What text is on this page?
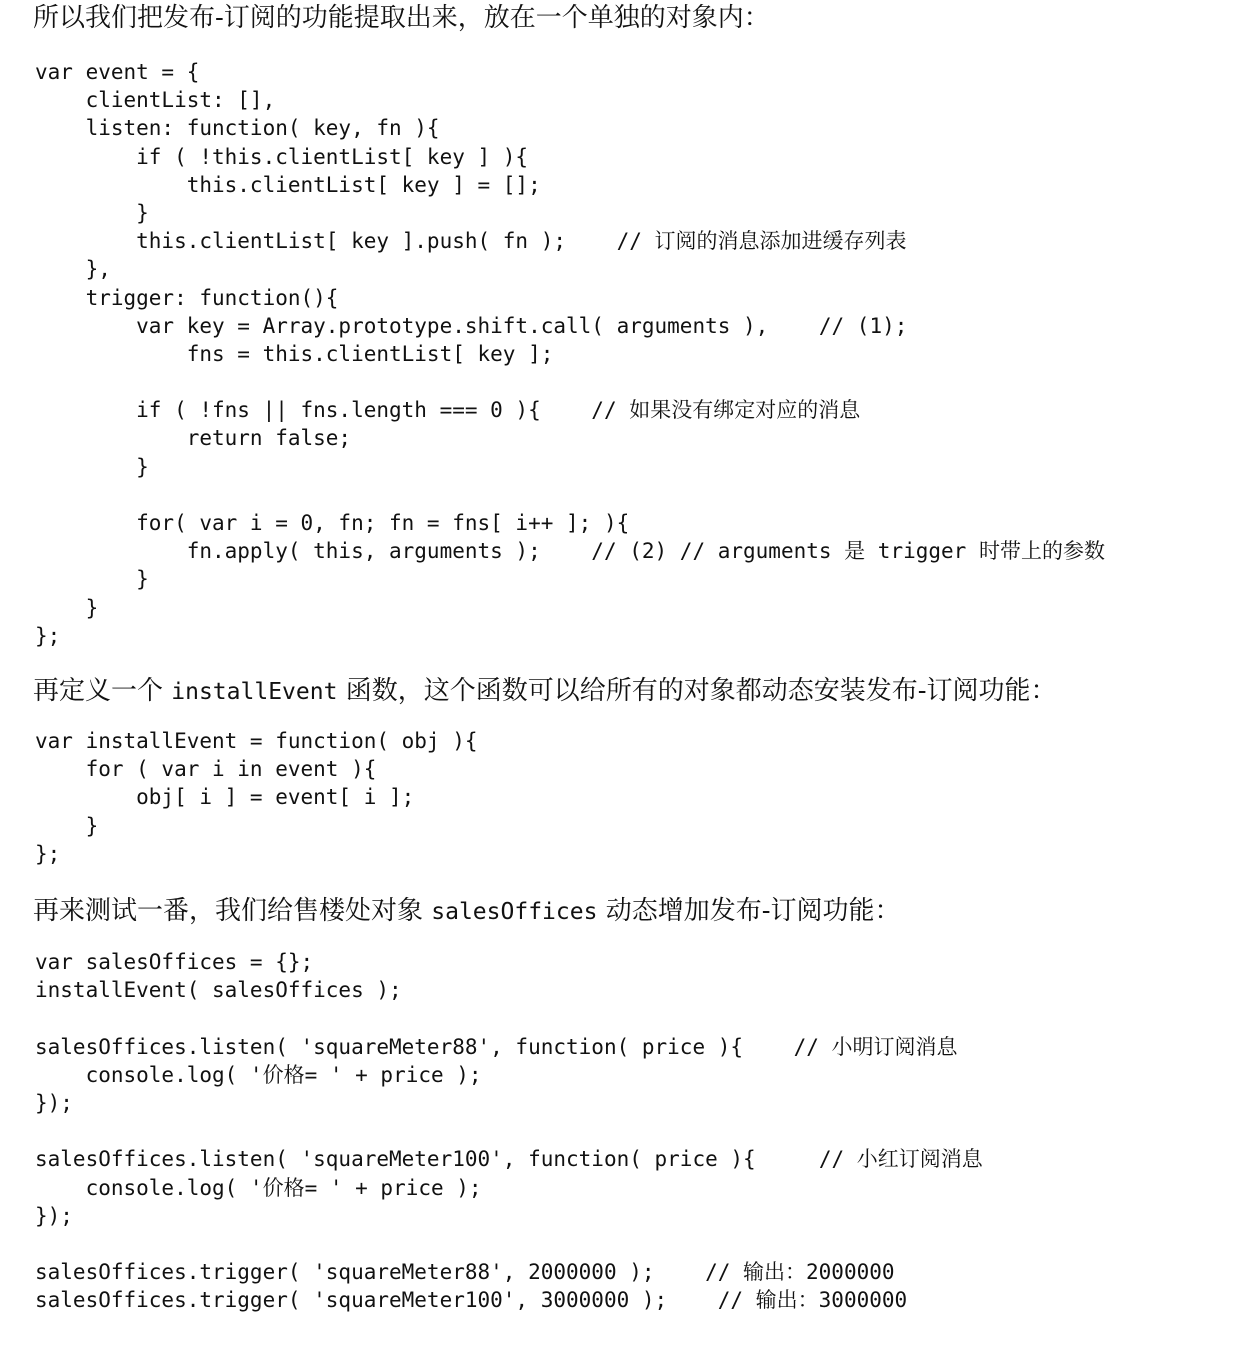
所以我们把发布-订阅的功能提取出来，放在一个单独的对象内：

var event = {
clientList: [],
listen: function( key, fn ){
if ( !this.clientList[ key ] ){
this.clientList[ key ] = [];
}
this.clientList[ key ].push( fn );    // 订阅的消息添加进缓存列表
},
trigger: function(){
var key = Array.prototype.shift.call( arguments ),    // (1);
fns = this.clientList[ key ];

if ( !fns || fns.length === 0 ){    // 如果没有绑定对应的消息
return false;
}

for( var i = 0, fn; fn = fns[ i++ ]; ){
fn.apply( this, arguments );    // (2) // arguments 是 trigger 时带上的参数
}
}
};

再定义一个 installEvent 函数，这个函数可以给所有的对象都动态安装发布-订阅功能：

var installEvent = function( obj ){
for ( var i in event ){
obj[ i ] = event[ i ];
}
};

再来测试一番，我们给售楼处对象 salesOffices 动态增加发布-订阅功能：

var salesOffices = {};
installEvent( salesOffices );

salesOffices.listen( 'squareMeter88', function( price ){    // 小明订阅消息
console.log( '价格= ' + price );
});

salesOffices.listen( 'squareMeter100', function( price ){     // 小红订阅消息
console.log( '价格= ' + price );
});

salesOffices.trigger( 'squareMeter88', 2000000 );    // 输出：2000000
salesOffices.trigger( 'squareMeter100', 3000000 );    // 输出：3000000
